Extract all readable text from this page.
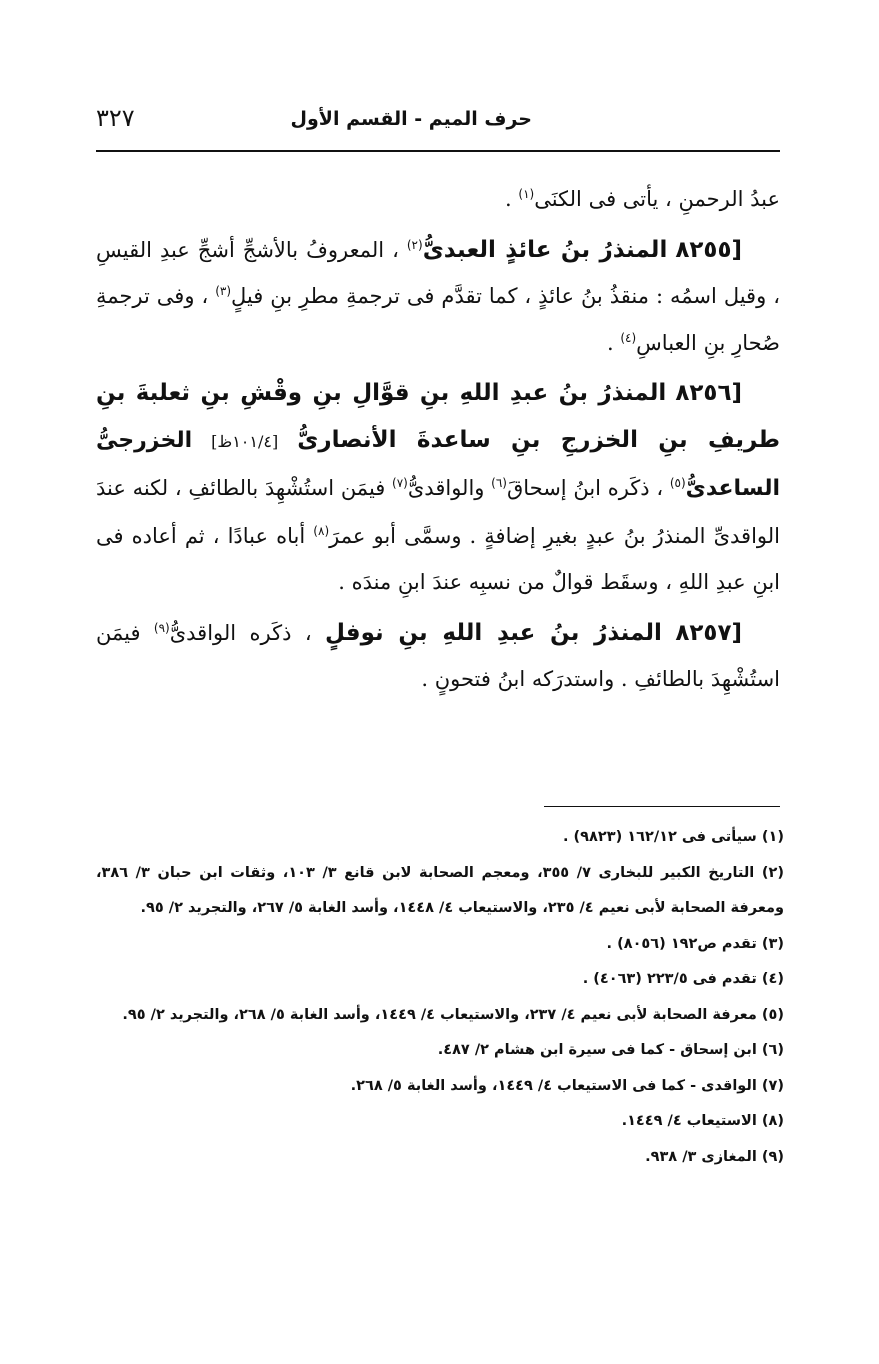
حرف الميم - القسم الأول
٣٢٧

عبدُ الرحمنِ ، يأتى فى الكنَى$^{(١)}$ .

[٨٢٥٥ المنذرُ بنُ عائذٍ العبدىُّ$^{(٢)}$ ، المعروفُ بالأشجِّ أشجِّ عبدِ القيسِ ، وقيل اسمُه : منقذُ بنُ عائذٍ ، كما تقدَّم فى ترجمةِ مطرِ بنِ فيلٍ$^{(٣)}$ ، وفى ترجمةِ صُحارِ بنِ العباسِ$^{(٤)}$ .

[٨٢٥٦ المنذرُ بنُ عبدِ اللهِ بنِ قوَّالِ بنِ وقْشِ بنِ ثعلبةَ بنِ طريفِ بنِ الخزرجِ بنِ ساعدةَ الأنصارىُّ [١٠١/٤ظ] الخزرجىُّ الساعدىُّ$^{(٥)}$ ، ذكَره ابنُ إسحاقَ$^{(٦)}$ والواقدىُّ$^{(٧)}$ فيمَن استُشْهِدَ بالطائفِ ، لكنه عندَ الواقدىِّ المنذرُ بنُ عبدٍ بغيرِ إضافةٍ . وسمَّى أبو عمرَ$^{(٨)}$ أباه عبادًا ، ثم أعاده فى ابنِ عبدِ اللهِ ، وسقَط قوالٌ من نسبِه عندَ ابنِ مندَه .

[٨٢٥٧ المنذرُ بنُ عبدِ اللهِ بنِ نوفلٍ ، ذكَره الواقدىُّ$^{(٩)}$ فيمَن استُشْهِدَ بالطائفِ . واستدرَكه ابنُ فتحونٍ .

(١) سيأتى فى ١٦٢/١٢ (٩٨٢٣) .
(٢) التاريخ الكبير للبخارى ٧/ ٣٥٥، ومعجم الصحابة لابن قانع ٣/ ١٠٣، وثقات ابن حبان ٣/ ٣٨٦، ومعرفة الصحابة لأبى نعيم ٤/ ٢٣٥، والاستيعاب ٤/ ١٤٤٨، وأسد الغابة ٥/ ٢٦٧، والتجريد ٢/ ٩٥.
(٣) تقدم ص١٩٢ (٨٠٥٦) .
(٤) تقدم فى ٢٢٣/٥ (٤٠٦٣) .
(٥) معرفة الصحابة لأبى نعيم ٤/ ٢٣٧، والاستيعاب ٤/ ١٤٤٩، وأسد الغابة ٥/ ٢٦٨، والتجريد ٢/ ٩٥.
(٦) ابن إسحاق - كما فى سيرة ابن هشام ٢/ ٤٨٧.
(٧) الواقدى - كما فى الاستيعاب ٤/ ١٤٤٩، وأسد الغابة ٥/ ٢٦٨.
(٨) الاستيعاب ٤/ ١٤٤٩.
(٩) المغازى ٣/ ٩٣٨.
